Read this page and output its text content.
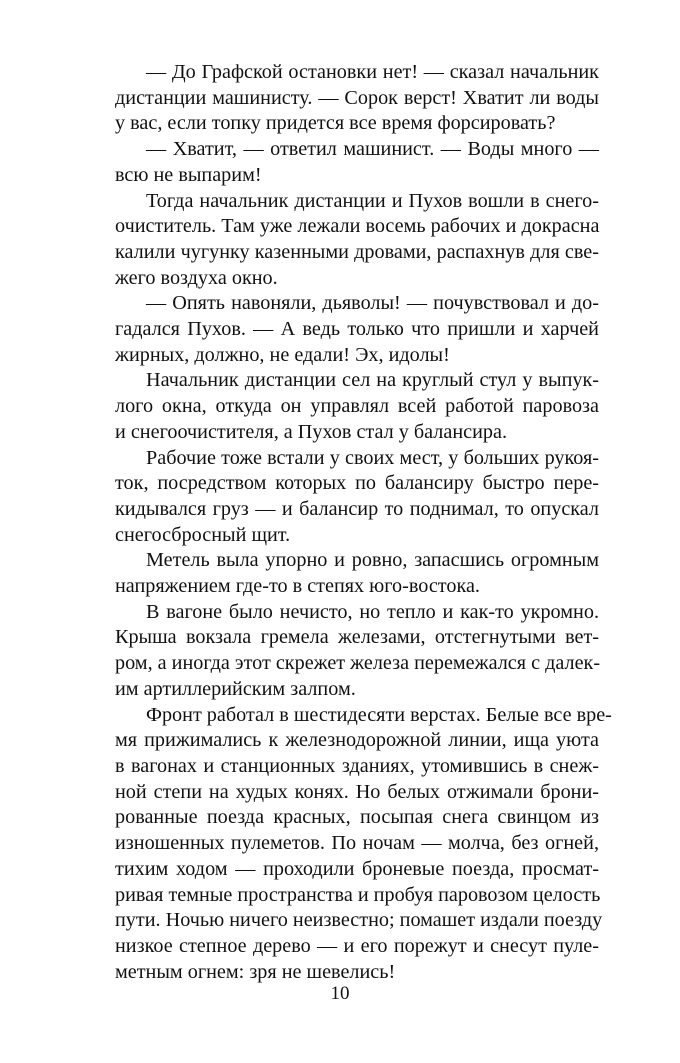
— До Графской остановки нет! — сказал начальник
дистанции машинисту. — Сорок верст! Хватит ли воды
у вас, если топку придется все время форсировать?
— Хватит, — ответил машинист. — Воды много —
всю не выпарим!
Тогда начальник дистанции и Пухов вошли в снего-
очиститель. Там уже лежали восемь рабочих и докрасна
калили чугунку казенными дровами, распахнув для све-
жего воздуха окно.
— Опять навоняли, дьяволы! — почувствовал и до-
гадался Пухов. — А ведь только что пришли и харчей
жирных, должно, не едали! Эх, идолы!
Начальник дистанции сел на круглый стул у выпук-
лого окна, откуда он управлял всей работой паровоза
и снегоочистителя, а Пухов стал у балансира.
Рабочие тоже встали у своих мест, у больших рукоя-
ток, посредством которых по балансиру быстро пере-
кидывался груз — и балансир то поднимал, то опускал
снегосбросный щит.
Метель выла упорно и ровно, запасшись огромным
напряжением где-то в степях юго-востока.
В вагоне было нечисто, но тепло и как-то укромно.
Крыша вокзала гремела железами, отстегнутыми вет-
ром, а иногда этот скрежет железа перемежался с далек-
им артиллерийским залпом.
Фронт работал в шестидесяти верстах. Белые все вре-
мя прижимались к железнодорожной линии, ища уюта
в вагонах и станционных зданиях, утомившись в снеж-
ной степи на худых конях. Но белых отжимали брони-
рованные поезда красных, посыпая снега свинцом из
изношенных пулеметов. По ночам — молча, без огней,
тихим ходом — проходили броневые поезда, просмат-
ривая темные пространства и пробуя паровозом целость
пути. Ночью ничего неизвестно; помашет издали поезду
низкое степное дерево — и его порежут и снесут пуле-
метным огнем: зря не шевелись!
10
